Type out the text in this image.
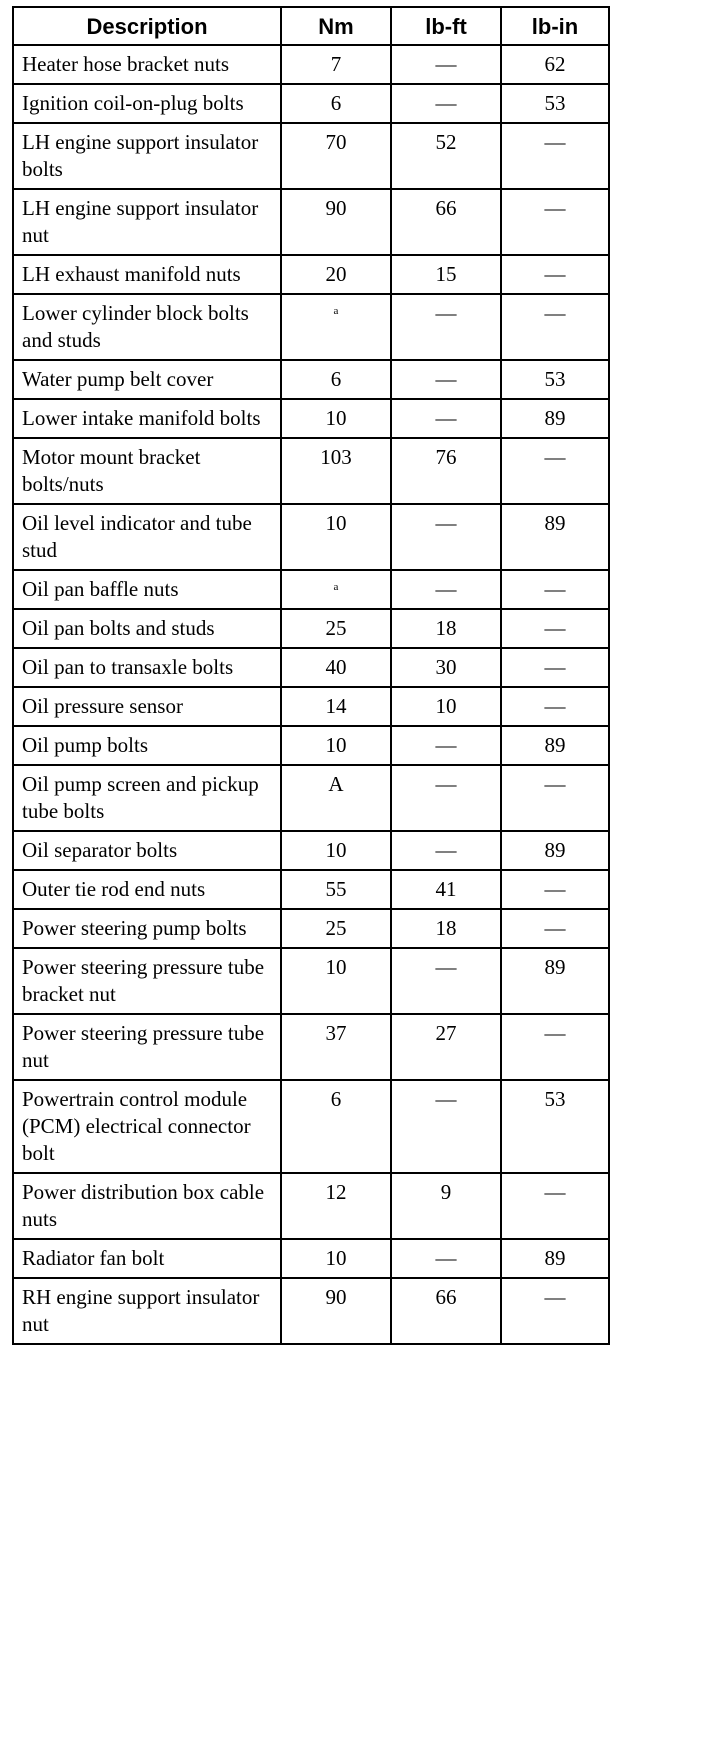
Description	Nm	lb-ft	lb-in
Heater hose bracket nuts	7	—	62
Ignition coil-on-plug bolts	6	—	53
LH engine support insulator bolts	70	52	—
LH engine support insulator nut	90	66	—
LH exhaust manifold nuts	20	15	—
Lower cylinder block bolts and studs	$^a$	—	—
Water pump belt cover	6	—	53
Lower intake manifold bolts	10	—	89
Motor mount bracket bolts/nuts	103	76	—
Oil level indicator and tube stud	10	—	89
Oil pan baffle nuts	$^a$	—	—
Oil pan bolts and studs	25	18	—
Oil pan to transaxle bolts	40	30	—
Oil pressure sensor	14	10	—
Oil pump bolts	10	—	89
Oil pump screen and pickup tube bolts	A	—	—
Oil separator bolts	10	—	89
Outer tie rod end nuts	55	41	—
Power steering pump bolts	25	18	—
Power steering pressure tube bracket nut	10	—	89
Power steering pressure tube nut	37	27	—
Powertrain control module (PCM) electrical connector bolt	6	—	53
Power distribution box cable nuts	12	9	—
Radiator fan bolt	10	—	89
RH engine support insulator nut	90	66	—
